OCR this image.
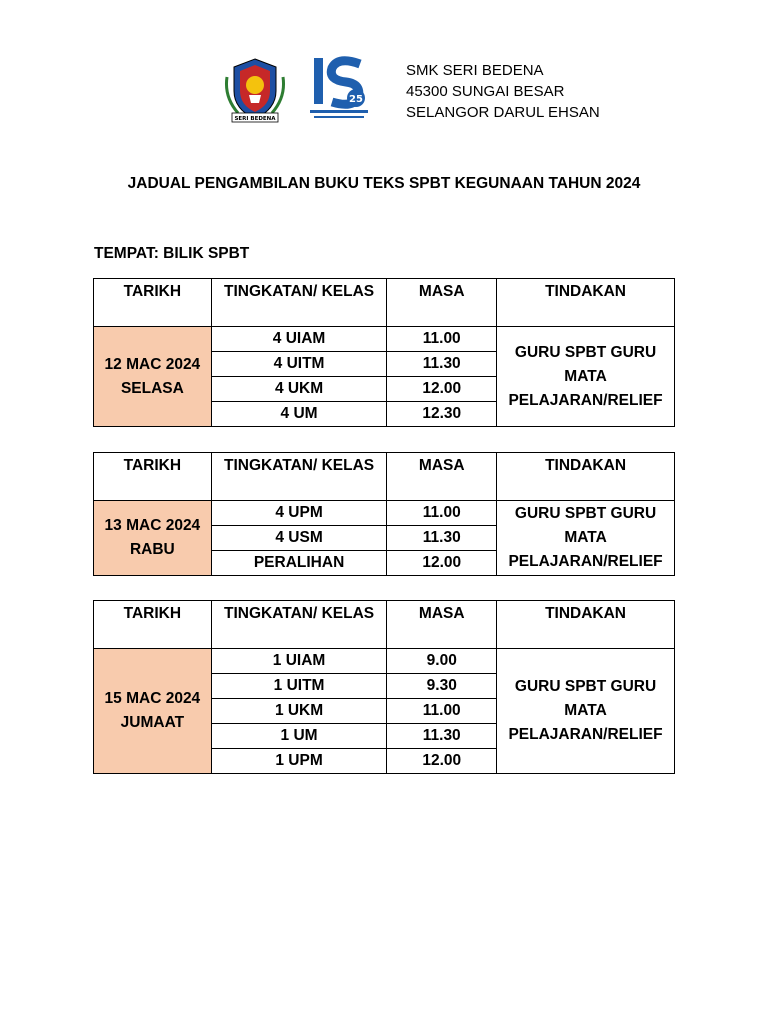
SERI BEDENA
25
SMK SERI BEDENA
45300 SUNGAI BESAR
SELANGOR DARUL EHSAN
JADUAL PENGAMBILAN BUKU TEKS SPBT KEGUNAAN TAHUN 2024
TEMPAT: BILIK SPBT
TARIKH	TINGKATAN/ KELAS	MASA	TINDAKAN
12 MAC 2024 SELASA	4 UIAM	11.00	GURU SPBT GURU MATA PELAJARAN/RELIEF
	4 UITM	11.30	
	4 UKM	12.00	
	4 UM	12.30	
TARIKH	TINGKATAN/ KELAS	MASA	TINDAKAN
13 MAC 2024 RABU	4 UPM	11.00	GURU SPBT GURU MATA PELAJARAN/RELIEF
	4 USM	11.30	
	PERALIHAN	12.00	
TARIKH	TINGKATAN/ KELAS	MASA	TINDAKAN
15 MAC 2024 JUMAAT	1 UIAM	9.00	GURU SPBT GURU MATA PELAJARAN/RELIEF
	1 UITM	9.30	
	1 UKM	11.00	
	1 UM	11.30	
	1 UPM	12.00	
